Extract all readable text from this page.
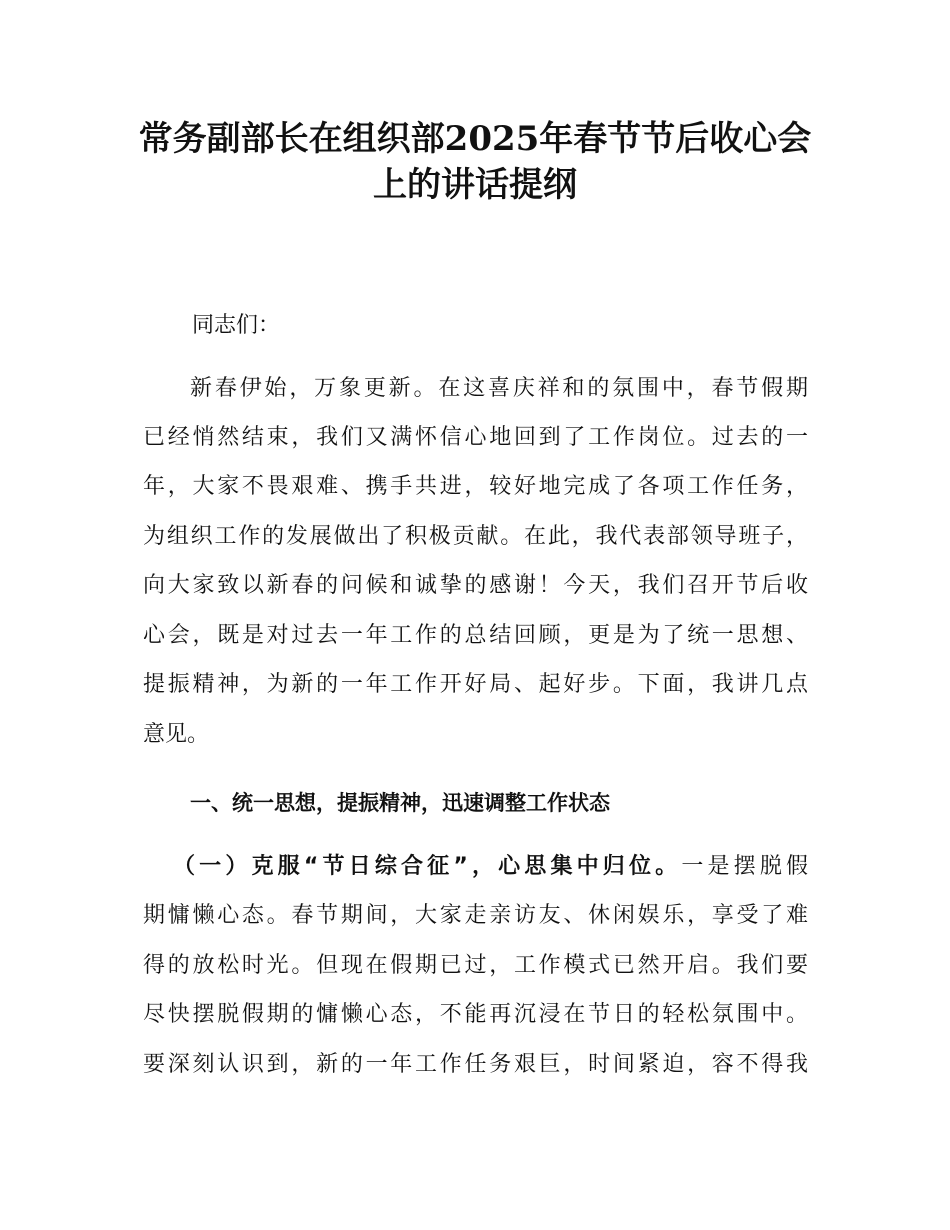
常务副部长在组织部2025年春节节后收心会
上的讲话提纲
同志们：
新春伊始，万象更新。在这喜庆祥和的氛围中，春节假期
已经悄然结束，我们又满怀信心地回到了工作岗位。过去的一
年，大家不畏艰难、携手共进，较好地完成了各项工作任务，
为组织工作的发展做出了积极贡献。在此，我代表部领导班子，
向大家致以新春的问候和诚挚的感谢！今天，我们召开节后收
心会，既是对过去一年工作的总结回顾，更是为了统一思想、
提振精神，为新的一年工作开好局、起好步。下面，我讲几点
意见。
一、统一思想，提振精神，迅速调整工作状态
（一）克服“节日综合征”，心思集中归位。一是摆脱假
期慵懒心态。春节期间，大家走亲访友、休闲娱乐，享受了难
得的放松时光。但现在假期已过，工作模式已然开启。我们要
尽快摆脱假期的慵懒心态，不能再沉浸在节日的轻松氛围中。
要深刻认识到，新的一年工作任务艰巨，时间紧迫，容不得我
